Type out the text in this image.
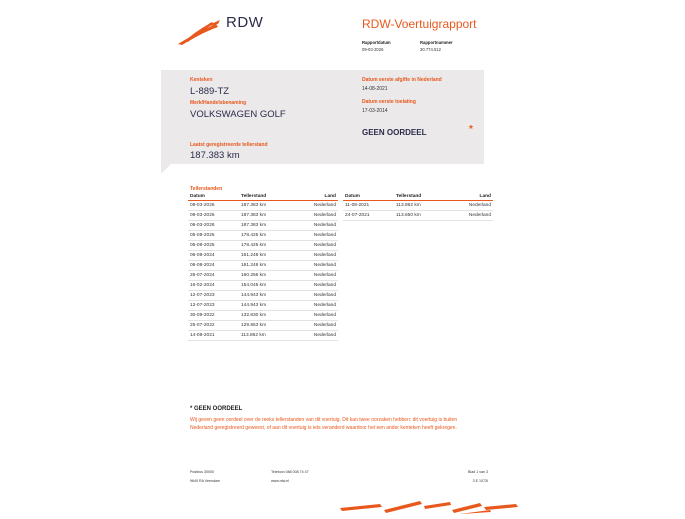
RDW	RDW-Voertuigrapport
Rapportdatum
09-03-2026
Rapportnummer
30.774.512
Kenteken
L-889-TZ
Merk/Handelsbenaming
VOLKSWAGEN GOLF
Laatst geregistreerde tellerstand
187.383 km
Datum eerste afgifte in Nederland
14-08-2021
Datum eerste toelating
17-03-2014
GEEN OORDEEL	*
Tellerstanden
Datum	Tellerstand	Land
09-03-2026	187.383 km	Nederland
09-03-2026	187.383 km	Nederland
06-03-2026	187.383 km	Nederland
05-08-2025	178.425 km	Nederland
05-08-2025	178.425 km	Nederland
06-08-2024	161.248 km	Nederland
06-08-2024	161.248 km	Nederland
26-07-2024	160.256 km	Nederland
16-02-2024	154.045 km	Nederland
12-07-2023	144.943 km	Nederland
12-07-2023	144.943 km	Nederland
30-09-2022	132.830 km	Nederland
25-07-2022	129.853 km	Nederland
14-08-2021	113.862 km	Nederland
Datum	Tellerstand	Land
11-08-2021	113.862 km	Nederland
24-07-2021	113.650 km	Nederland
* GEEN OORDEEL
Wij geven geen oordeel over de reeks tellerstanden van dit voertuig. Dit kan twee oorzaken hebben: dit voertuig is buiten Nederland geregistreerd geweest, of aan dit voertuig is iets veranderd waardoor het een ander kenteken heeft gekregen.
Postbus 30000
9640 RA Veendam
Telefoon 088 008 74 47
www.rdw.nl
Blad 1 van 3
3 E 1073I
